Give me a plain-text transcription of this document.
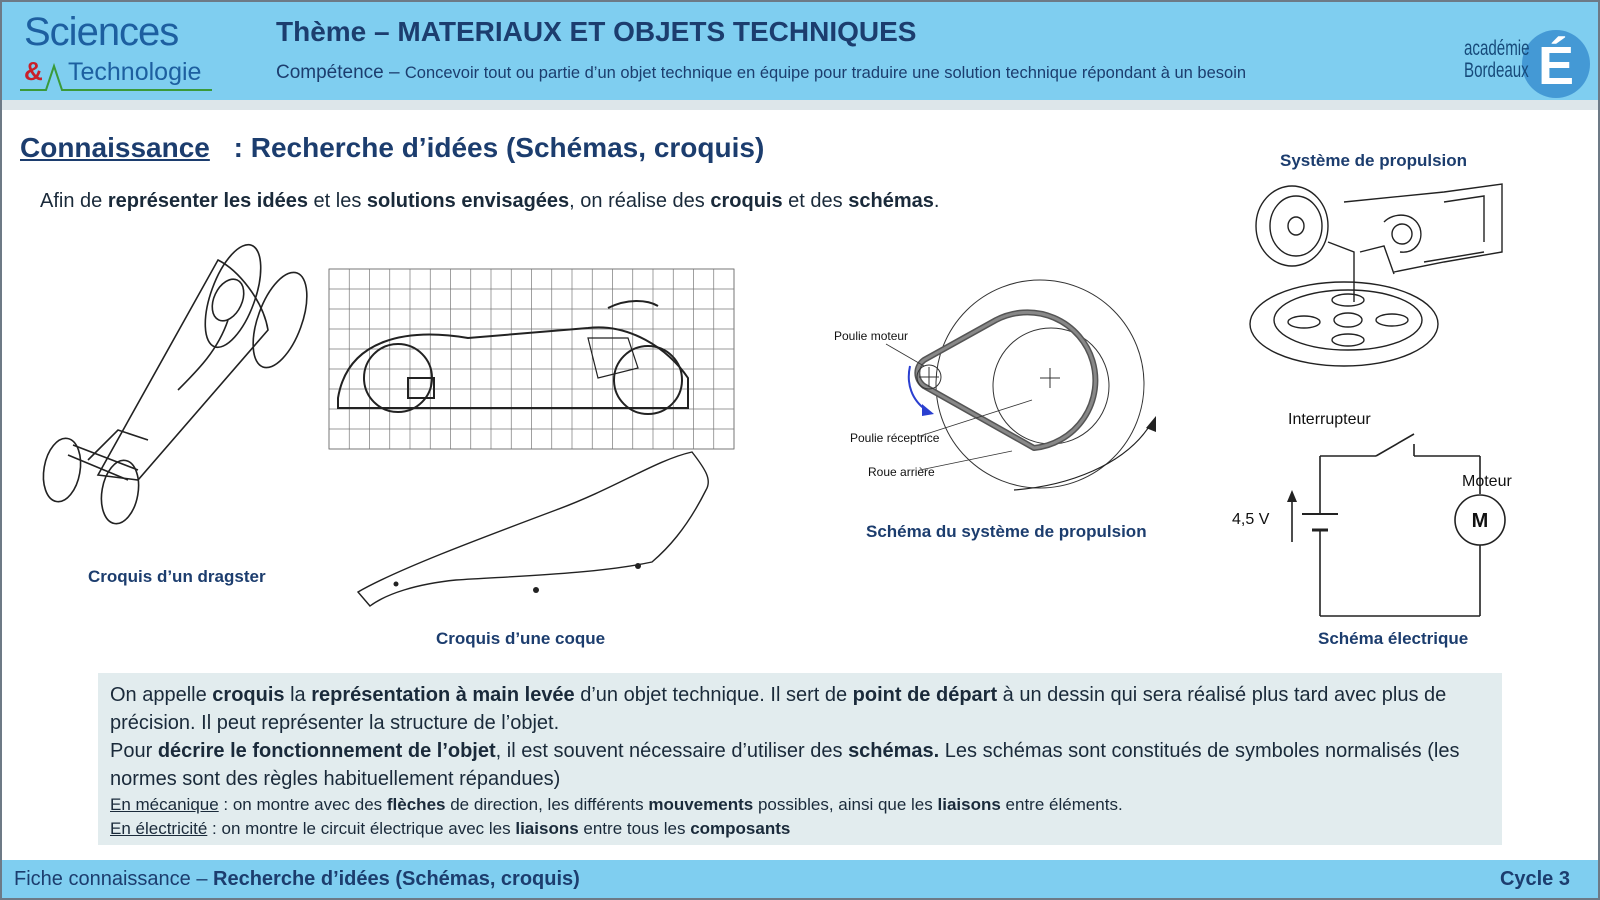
Sciences
& Technologie
Thème – MATERIAUX ET OBJETS TECHNIQUES
Compétence – Concevoir tout ou partie d’un objet technique en équipe pour traduire une solution technique répondant à un besoin	É
académie
Bordeaux
Connaissance : Recherche d’idées (Schémas, croquis)
Afin de représenter les idées et les solutions envisagées, on réalise des croquis et des schémas.
Croquis d’un dragster
Croquis d’une coque
Poulie moteur
Poulie réceptrice
Roue arrière
Schéma du système de propulsion
Système de propulsion
Interrupteur
Moteur
4,5 V	M
Schéma électrique
On appelle croquis la représentation à main levée d’un objet technique. Il sert de point de départ à un dessin qui sera réalisé plus tard avec plus de précision. Il peut représenter la structure de l’objet.
Pour décrire le fonctionnement de l’objet, il est souvent nécessaire d’utiliser des schémas. Les schémas sont constitués de symboles normalisés (les normes sont des règles habituellement répandues)
En mécanique : on montre avec des flèches de direction, les différents mouvements possibles, ainsi que les liaisons entre éléments.
En électricité : on montre le circuit électrique avec les liaisons entre tous les composants
Fiche connaissance – Recherche d’idées (Schémas, croquis)	Cycle 3
